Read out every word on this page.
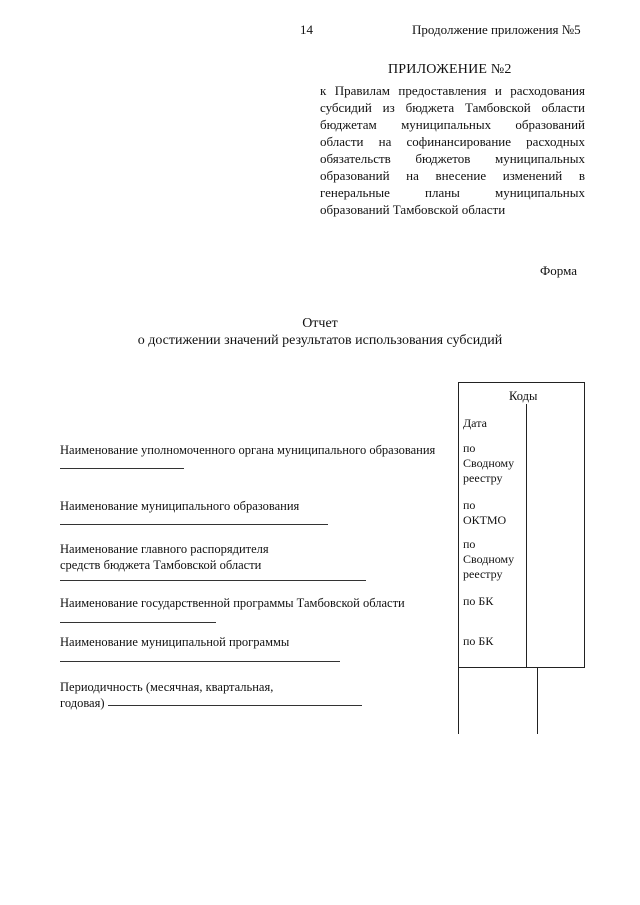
14	Продолжение приложения №5
ПРИЛОЖЕНИЕ №2
к Правилам предоставления и расходования субсидий из бюджета Тамбовской области бюджетам муниципальных образований области на софинансирование расходных обязательств бюджетов муниципальных образований на внесение изменений в генеральные планы муниципальных образований Тамбовской области
Форма
Отчет
о достижении значений результатов использования субсидий
Коды
Дата
по Сводному реестру
по ОКТМО
по Сводному реестру
по БК
по БК
Наименование уполномоченного органа муниципального образования
Наименование муниципального образования
Наименование главного распорядителя средств бюджета Тамбовской области
Наименование государственной программы Тамбовской области
Наименование муниципальной программы
Периодичность (месячная, квартальная, годовая)
